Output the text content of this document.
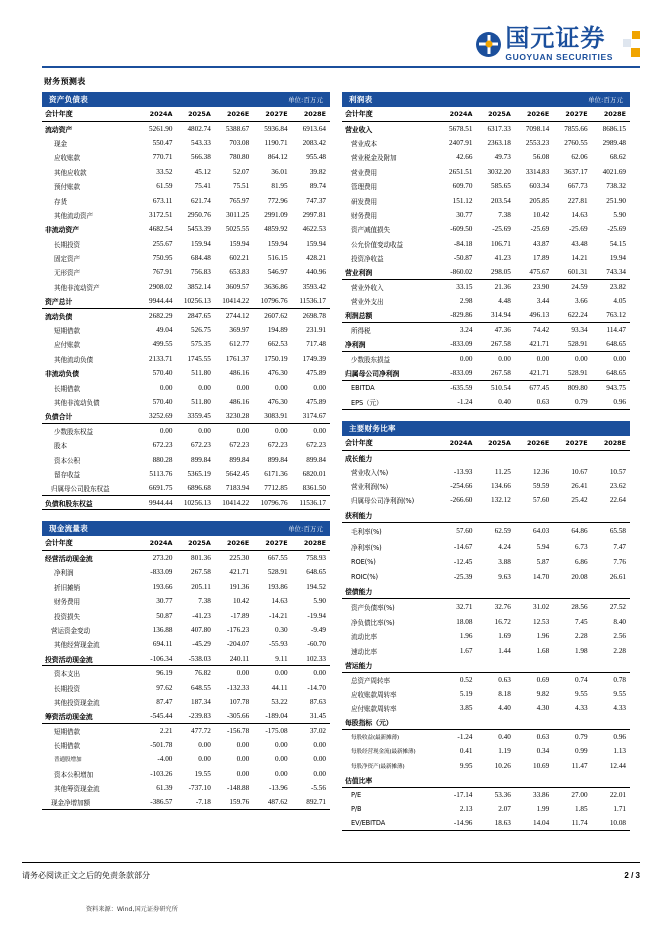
国元证券
GUOYUAN SECURITIES
财务预测表
资产负债表	单位:百万元
会计年度	2024A	2025A	2026E	2027E	2028E
流动资产	5261.90	4802.74	5388.67	5936.84	6913.64
现金	550.47	543.33	703.08	1190.71	2083.42
应收账款	770.71	566.38	780.80	864.12	955.48
其他应收款	33.52	45.12	52.07	36.01	39.82
预付账款	61.59	75.41	75.51	81.95	89.74
存货	673.11	621.74	765.97	772.96	747.37
其他流动资产	3172.51	2950.76	3011.25	2991.09	2997.81
非流动资产	4682.54	5453.39	5025.55	4859.92	4622.53
长期投资	255.67	159.94	159.94	159.94	159.94
固定资产	750.95	684.48	602.21	516.15	428.21
无形资产	767.91	756.83	653.83	546.97	440.96
其他非流动资产	2908.02	3852.14	3609.57	3636.86	3593.42
资产总计	9944.44	10256.13	10414.22	10796.76	11536.17
流动负债	2682.29	2847.65	2744.12	2607.62	2698.78
短期借款	49.04	526.75	369.97	194.89	231.91
应付账款	499.55	575.35	612.77	662.53	717.48
其他流动负债	2133.71	1745.55	1761.37	1750.19	1749.39
非流动负债	570.40	511.80	486.16	476.30	475.89
长期借款	0.00	0.00	0.00	0.00	0.00
其他非流动负债	570.40	511.80	486.16	476.30	475.89
负债合计	3252.69	3359.45	3230.28	3083.91	3174.67
少数股东权益	0.00	0.00	0.00	0.00	0.00
股本	672.23	672.23	672.23	672.23	672.23
资本公积	880.28	899.84	899.84	899.84	899.84
留存收益	5113.76	5365.19	5642.45	6171.36	6820.01
归属母公司股东权益	6691.75	6896.68	7183.94	7712.85	8361.50
负债和股东权益	9944.44	10256.13	10414.22	10796.76	11536.17
现金流量表	单位:百万元
会计年度	2024A	2025A	2026E	2027E	2028E
经营活动现金流	273.20	801.36	225.30	667.55	758.93
净利润	-833.09	267.58	421.71	528.91	648.65
折旧摊销	193.66	205.11	191.36	193.86	194.52
财务费用	30.77	7.38	10.42	14.63	5.90
投资损失	50.87	-41.23	-17.89	-14.21	-19.94
营运资金变动	136.88	407.80	-176.23	0.30	-9.49
其他经营现金流	694.11	-45.29	-204.07	-55.93	-60.70
投资活动现金流	-106.34	-538.03	240.11	9.11	102.33
资本支出	96.19	76.82	0.00	0.00	0.00
长期投资	97.62	648.55	-132.33	44.11	-14.70
其他投资现金流	87.47	187.34	107.78	53.22	87.63
筹资活动现金流	-545.44	-239.83	-305.66	-189.04	31.45
短期借款	2.21	477.72	-156.78	-175.08	37.02
长期借款	-501.78	0.00	0.00	0.00	0.00
普通股增加	-4.00	0.00	0.00	0.00	0.00
资本公积增加	-103.26	19.55	0.00	0.00	0.00
其他筹资现金流	61.39	-737.10	-148.88	-13.96	-5.56
现金净增加额	-386.57	-7.18	159.76	487.62	892.71
资料来源：Wind,国元证券研究所
利润表	单位:百万元
会计年度	2024A	2025A	2026E	2027E	2028E
营业收入	5678.51	6317.33	7098.14	7855.66	8686.15
营业成本	2407.91	2363.18	2553.23	2760.55	2989.48
营业税金及附加	42.66	49.73	56.08	62.06	68.62
营业费用	2651.51	3032.20	3314.83	3637.17	4021.69
管理费用	609.70	585.65	603.34	667.73	738.32
研发费用	151.12	203.54	205.85	227.81	251.90
财务费用	30.77	7.38	10.42	14.63	5.90
资产减值损失	-609.50	-25.69	-25.69	-25.69	-25.69
公允价值变动收益	-84.18	106.71	43.87	43.48	54.15
投资净收益	-50.87	41.23	17.89	14.21	19.94
营业利润	-860.02	298.05	475.67	601.31	743.34
营业外收入	33.15	21.36	23.90	24.59	23.82
营业外支出	2.98	4.48	3.44	3.66	4.05
利润总额	-829.86	314.94	496.13	622.24	763.12
所得税	3.24	47.36	74.42	93.34	114.47
净利润	-833.09	267.58	421.71	528.91	648.65
少数股东损益	0.00	0.00	0.00	0.00	0.00
归属母公司净利润	-833.09	267.58	421.71	528.91	648.65
EBITDA	-635.59	510.54	677.45	809.80	943.75
EPS（元）	-1.24	0.40	0.63	0.79	0.96
主要财务比率
会计年度	2024A	2025A	2026E	2027E	2028E
成长能力					
营业收入(%)	-13.93	11.25	12.36	10.67	10.57
营业利润(%)	-254.66	134.66	59.59	26.41	23.62
归属母公司净利润(%)	-266.60	132.12	57.60	25.42	22.64
获利能力					
毛利率(%)	57.60	62.59	64.03	64.86	65.58
净利率(%)	-14.67	4.24	5.94	6.73	7.47
ROE(%)	-12.45	3.88	5.87	6.86	7.76
ROIC(%)	-25.39	9.63	14.70	20.08	26.61
偿债能力					
资产负债率(%)	32.71	32.76	31.02	28.56	27.52
净负债比率(%)	18.08	16.72	12.53	7.45	8.40
流动比率	1.96	1.69	1.96	2.28	2.56
速动比率	1.67	1.44	1.68	1.98	2.28
营运能力					
总资产周转率	0.52	0.63	0.69	0.74	0.78
应收账款周转率	5.19	8.18	9.82	9.55	9.55
应付账款周转率	3.85	4.40	4.30	4.33	4.33
每股指标（元）					
每股收益(最新摊薄)	-1.24	0.40	0.63	0.79	0.96
每股经营现金流(最新摊薄)	0.41	1.19	0.34	0.99	1.13
每股净资产(最新摊薄)	9.95	10.26	10.69	11.47	12.44
估值比率					
P/E	-17.14	53.36	33.86	27.00	22.01
P/B	2.13	2.07	1.99	1.85	1.71
EV/EBITDA	-14.96	18.63	14.04	11.74	10.08
请务必阅读正文之后的免责条款部分	2 / 3
